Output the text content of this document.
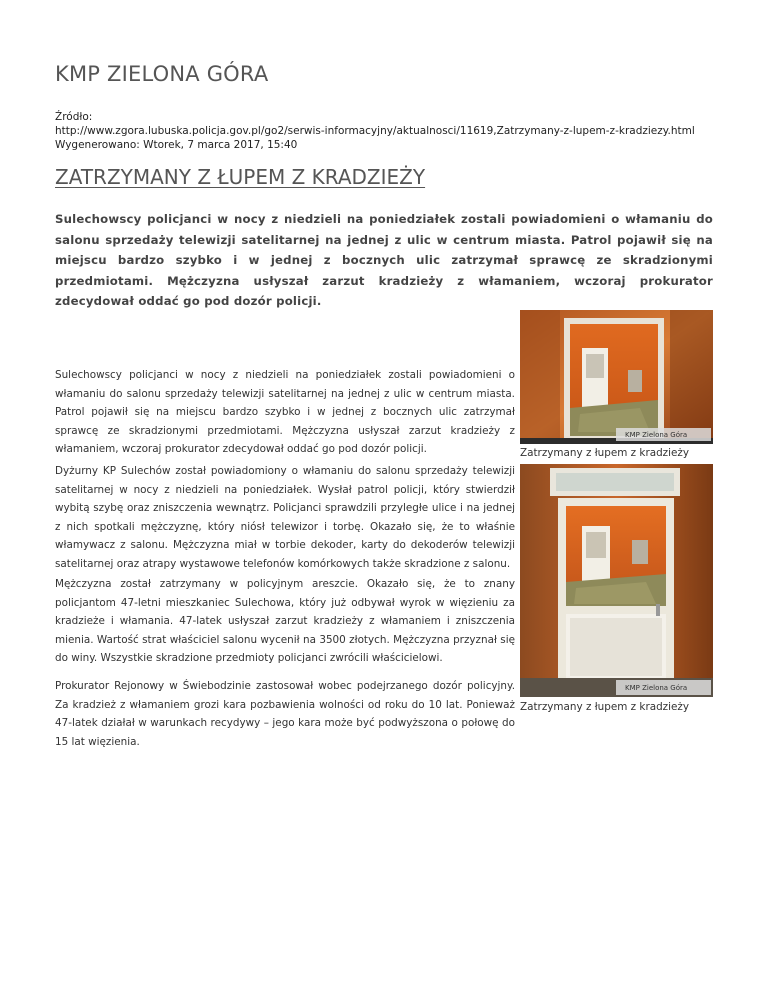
KMP ZIELONA GÓRA
Źródło:
http://www.zgora.lubuska.policja.gov.pl/go2/serwis-informacyjny/aktualnosci/11619,Zatrzymany-z-lupem-z-kradziezy.html
Wygenerowano: Wtorek, 7 marca 2017, 15:40
ZATRZYMANY Z ŁUPEM Z KRADZIEŻY
Sulechowscy policjanci w nocy z niedzieli na poniedziałek zostali powiadomieni o włamaniu do salonu sprzedaży telewizji satelitarnej na jednej z ulic w centrum miasta. Patrol pojawił się na miejscu bardzo szybko i w jednej z bocznych ulic zatrzymał sprawcę ze skradzionymi przedmiotami. Mężczyzna usłyszał zarzut kradzieży z włamaniem, wczoraj prokurator zdecydował oddać go pod dozór policji.
Sulechowscy policjanci w nocy z niedzieli na poniedziałek zostali powiadomieni o włamaniu do salonu sprzedaży telewizji satelitarnej na jednej z ulic w centrum miasta. Patrol pojawił się na miejscu bardzo szybko i w jednej z bocznych ulic zatrzymał sprawcę ze skradzionymi przedmiotami. Mężczyzna usłyszał zarzut kradzieży z włamaniem, wczoraj prokurator zdecydował oddać go pod dozór policji.
Dyżurny KP Sulechów został powiadomiony o włamaniu do salonu sprzedaży telewizji satelitarnej w nocy z niedzieli na poniedziałek. Wysłał patrol policji, który stwierdził wybitą szybę oraz zniszczenia wewnątrz. Policjanci sprawdzili przyległe ulice i na jednej z nich spotkali mężczyznę, który niósł telewizor i torbę. Okazało się, że to właśnie włamywacz z salonu. Mężczyzna miał w torbie dekoder, karty do dekoderów telewizji satelitarnej oraz atrapy wystawowe telefonów komórkowych także skradzione z salonu.
Mężczyzna został zatrzymany w policyjnym areszcie. Okazało się, że to znany policjantom 47-letni mieszkaniec Sulechowa, który już odbywał wyrok w więzieniu za kradzieże i włamania. 47-latek usłyszał zarzut kradzieży z włamaniem i zniszczenia mienia. Wartość strat właściciel salonu wycenił na 3500 złotych. Mężczyzna przyznał się do winy. Wszystkie skradzione przedmioty policjanci zwrócili właścicielowi.
Prokurator Rejonowy w Świebodzinie zastosował wobec podejrzanego dozór policyjny. Za kradzież z włamaniem grozi kara pozbawienia wolności od roku do 10 lat. Ponieważ 47-latek działał w warunkach recydywy – jego kara może być podwyższona o połowę do 15 lat więzienia.
KMP Zielona Góra
Zatrzymany z łupem z kradzieży
KMP Zielona Góra
Zatrzymany z łupem z kradzieży
